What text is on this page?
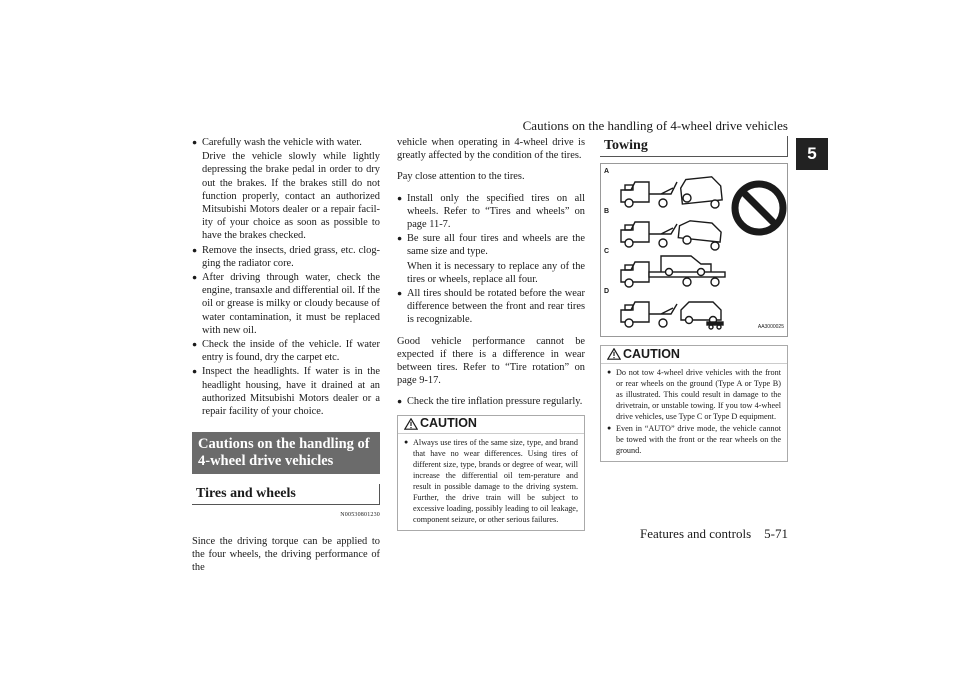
Cautions on the handling of 4-wheel drive vehicles
5
● Carefully wash the vehicle with water.
Drive the vehicle slowly while lightly depressing the brake pedal in order to dry out the brakes. If the brakes still do not function properly, contact an authorized Mitsubishi Motors dealer or a repair facil-ity of your choice as soon as possible to have the brakes checked.
● Remove the insects, dried grass, etc. clog-ging the radiator core.
● After driving through water, check the engine, transaxle and differential oil. If the oil or grease is milky or cloudy because of water contamination, it must be replaced with new oil.
● Check the inside of the vehicle. If water entry is found, dry the carpet etc.
● Inspect the headlights. If water is in the headlight housing, have it drained at an authorized Mitsubishi Motors dealer or a repair facility of your choice.
Cautions on the handling of 4-wheel drive vehicles
Tires and wheels
N00530801230

Since the driving torque can be applied to the four wheels, the driving performance of the

vehicle when operating in 4-wheel drive is greatly affected by the condition of the tires.

Pay close attention to the tires.

● Install only the specified tires on all wheels. Refer to “Tires and wheels” on page 11-7.
● Be sure all four tires and wheels are the same size and type.
When it is necessary to replace any of the tires or wheels, replace all four.
● All tires should be rotated before the wear difference between the front and rear tires is recognizable.

Good vehicle performance cannot be expected if there is a difference in wear between tires. Refer to “Tire rotation” on page 9-17.

● Check the tire inflation pressure regularly.
CAUTION
● Always use tires of the same size, type, and brand that have no wear differences. Using tires of different size, type, brands or degree of wear, will increase the differential oil tem-perature and result in possible damage to the driving system. Further, the drive train will be subject to excessive loading, possibly leading to oil leakage, component seizure, or other serious failures.
Towing
A
B
C
D
AA3000025
CAUTION
● Do not tow 4-wheel drive vehicles with the front or rear wheels on the ground (Type A or Type B) as illustrated. This could result in damage to the drivetrain, or unstable towing. If you tow 4-wheel drive vehicles, use Type C or Type D equipment.
● Even in “AUTO” drive mode, the vehicle cannot be towed with the front or the rear wheels on the ground.
Features and controls    5-71
